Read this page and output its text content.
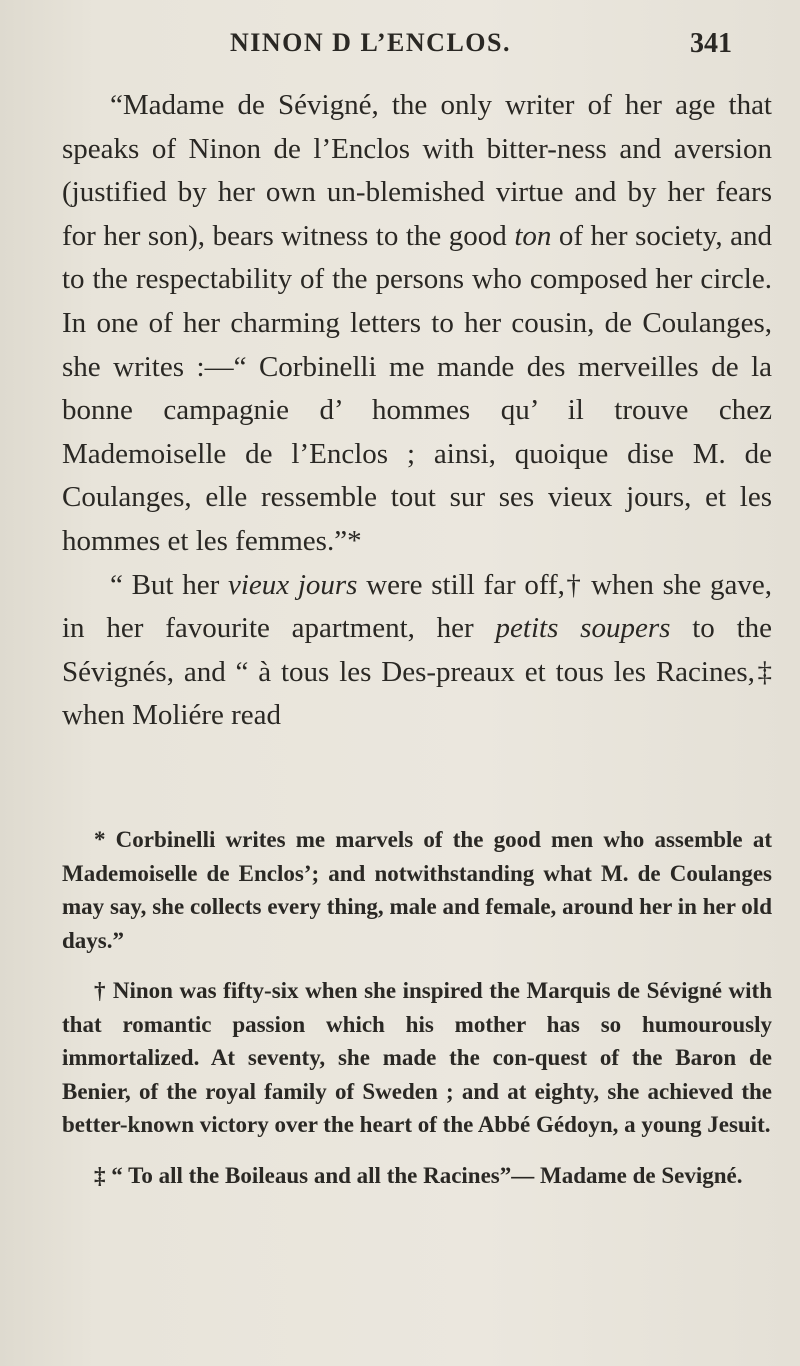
NINON D L’ENCLOS.	341

“Madame de Sévigné, the only writer of her age that speaks of Ninon de l’Enclos with bitter-ness and aversion (justified by her own un-blemished virtue and by her fears for her son), bears witness to the good ton of her society, and to the respectability of the persons who composed her circle. In one of her charming letters to her cousin, de Coulanges, she writes :—“ Corbinelli me mande des merveilles de la bonne campagnie d’ hommes qu’ il trouve chez Mademoiselle de l’Enclos ; ainsi, quoique dise M. de Coulanges, elle ressemble tout sur ses vieux jours, et les hommes et les femmes.”*

“ But her vieux jours were still far off,† when she gave, in her favourite apartment, her petits soupers to the Sévignés, and “ à tous les Des-preaux et tous les Racines,‡ when Moliére read

* Corbinelli writes me marvels of the good men who assemble at Mademoiselle de Enclos’; and notwithstanding what M. de Coulanges may say, she collects every thing, male and female, around her in her old days.”

† Ninon was fifty-six when she inspired the Marquis de Sévigné with that romantic passion which his mother has so humourously immortalized. At seventy, she made the con-quest of the Baron de Benier, of the royal family of Sweden ; and at eighty, she achieved the better-known victory over the heart of the Abbé Gédoyn, a young Jesuit.

‡ “ To all the Boileaus and all the Racines”— Madame de Sevigné.
